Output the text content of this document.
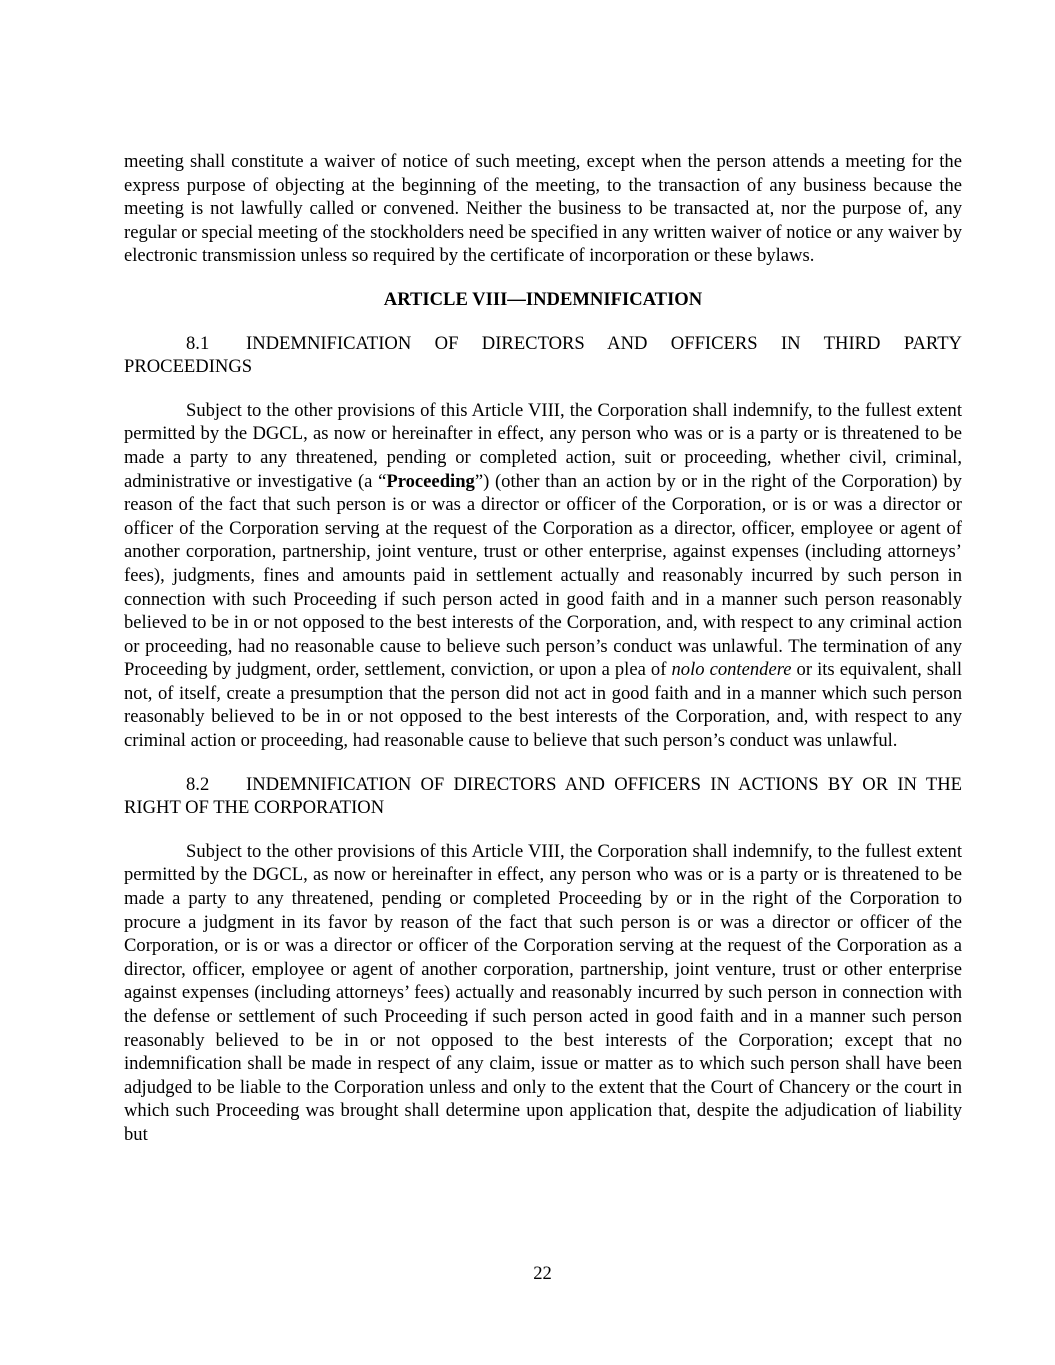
meeting shall constitute a waiver of notice of such meeting, except when the person attends a meeting for the express purpose of objecting at the beginning of the meeting, to the transaction of any business because the meeting is not lawfully called or convened. Neither the business to be transacted at, nor the purpose of, any regular or special meeting of the stockholders need be specified in any written waiver of notice or any waiver by electronic transmission unless so required by the certificate of incorporation or these bylaws.

ARTICLE VIII—INDEMNIFICATION

8.1 INDEMNIFICATION OF DIRECTORS AND OFFICERS IN THIRD PARTY PROCEEDINGS

Subject to the other provisions of this Article VIII, the Corporation shall indemnify, to the fullest extent permitted by the DGCL, as now or hereinafter in effect, any person who was or is a party or is threatened to be made a party to any threatened, pending or completed action, suit or proceeding, whether civil, criminal, administrative or investigative (a “Proceeding”) (other than an action by or in the right of the Corporation) by reason of the fact that such person is or was a director or officer of the Corporation, or is or was a director or officer of the Corporation serving at the request of the Corporation as a director, officer, employee or agent of another corporation, partnership, joint venture, trust or other enterprise, against expenses (including attorneys’ fees), judgments, fines and amounts paid in settlement actually and reasonably incurred by such person in connection with such Proceeding if such person acted in good faith and in a manner such person reasonably believed to be in or not opposed to the best interests of the Corporation, and, with respect to any criminal action or proceeding, had no reasonable cause to believe such person’s conduct was unlawful. The termination of any Proceeding by judgment, order, settlement, conviction, or upon a plea of nolo contendere or its equivalent, shall not, of itself, create a presumption that the person did not act in good faith and in a manner which such person reasonably believed to be in or not opposed to the best interests of the Corporation, and, with respect to any criminal action or proceeding, had reasonable cause to believe that such person’s conduct was unlawful.

8.2 INDEMNIFICATION OF DIRECTORS AND OFFICERS IN ACTIONS BY OR IN THE RIGHT OF THE CORPORATION

Subject to the other provisions of this Article VIII, the Corporation shall indemnify, to the fullest extent permitted by the DGCL, as now or hereinafter in effect, any person who was or is a party or is threatened to be made a party to any threatened, pending or completed Proceeding by or in the right of the Corporation to procure a judgment in its favor by reason of the fact that such person is or was a director or officer of the Corporation, or is or was a director or officer of the Corporation serving at the request of the Corporation as a director, officer, employee or agent of another corporation, partnership, joint venture, trust or other enterprise against expenses (including attorneys’ fees) actually and reasonably incurred by such person in connection with the defense or settlement of such Proceeding if such person acted in good faith and in a manner such person reasonably believed to be in or not opposed to the best interests of the Corporation; except that no indemnification shall be made in respect of any claim, issue or matter as to which such person shall have been adjudged to be liable to the Corporation unless and only to the extent that the Court of Chancery or the court in which such Proceeding was brought shall determine upon application that, despite the adjudication of liability but

22
